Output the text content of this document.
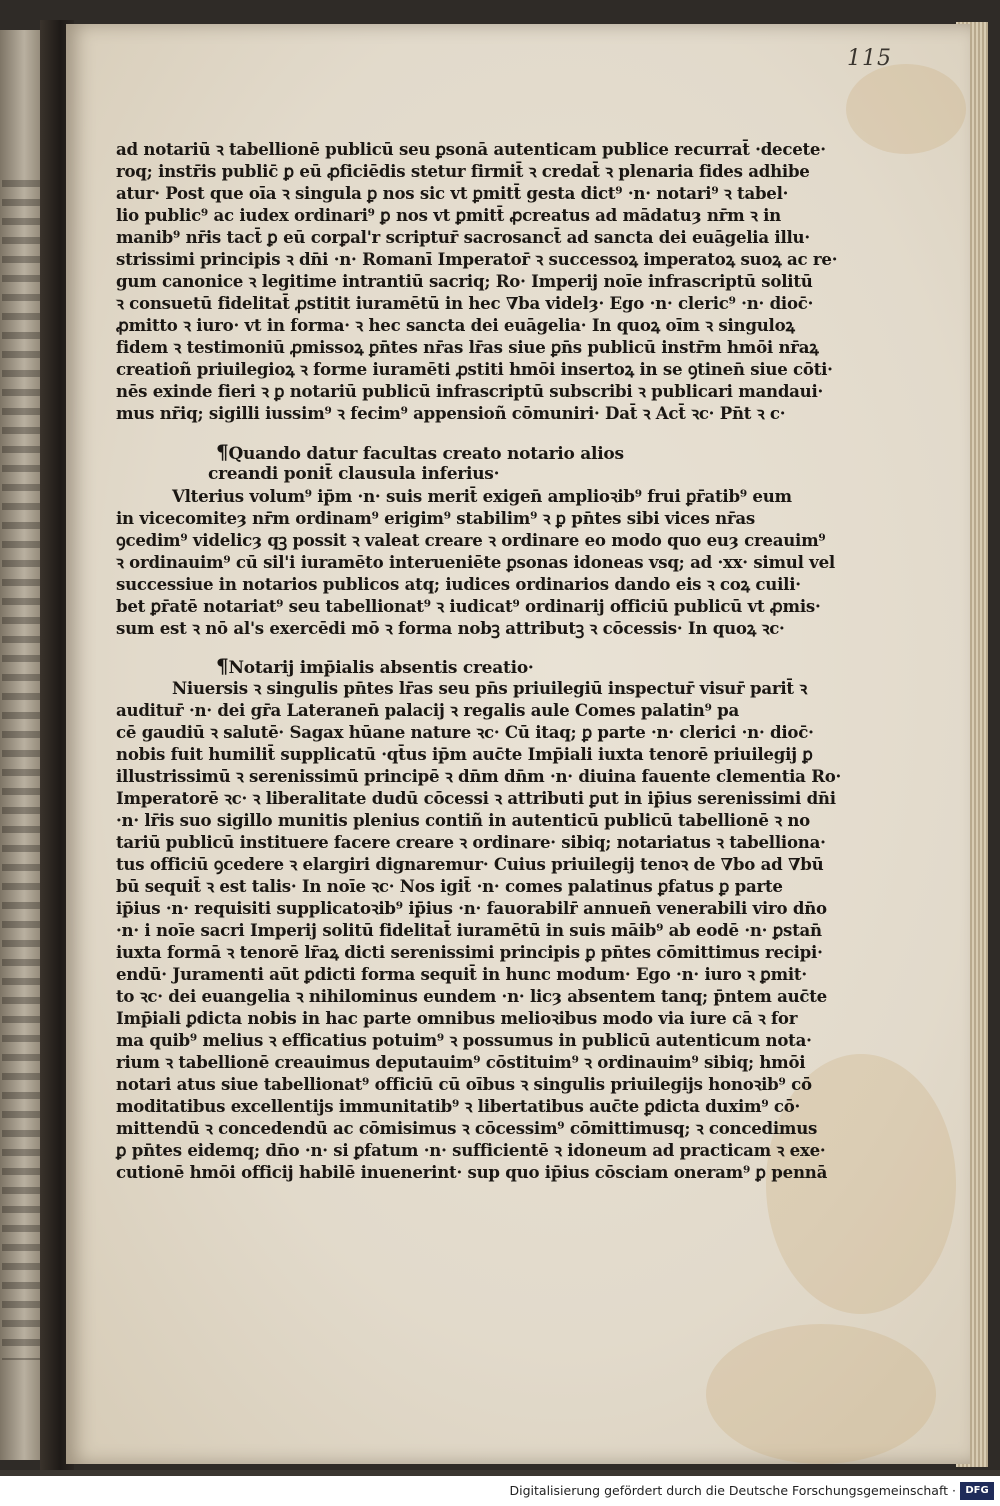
115
ad notariū ꝛ tabellionē publicū seu ꝑsonā autenticam publice recurrat̄ ·decete·
roq; instr̄is public̄ ꝑ eū ꝓficiēdis stetur firmit̄ ꝛ credat̄ ꝛ plenaria fides adhibe
atur· Post que oīa ꝛ singula ꝑ nos sic vt ꝑmitt̄ gesta dict⁹ ·n· notari⁹ ꝛ tabel·
lio public⁹ ac iudex ordinari⁹ ꝑ nos vt ꝑmitt̄ ꝓcreatus ad mādatuȝ nr̄m ꝛ in
manib⁹ nr̄is tact̄ ꝑ eū corꝑal'r scriptur̄ sacrosanct̄ ad sancta dei euāgelia illu·
strissimi principis ꝛ dn̄i ·n· Romanī Imperator̄ ꝛ successoꝝ imperatoꝝ suoꝝ ac re·
gum canonice ꝛ legitime intrantiū sacriq; Ro· Imperij noīe infrascriptū solitū
ꝛ consuetū fidelitat̄ ꝓstitit iuramētū in hec ∇ba videlȝ· Ego ·n· cleric⁹ ·n· dioc̄·
ꝓmitto ꝛ iuro· vt in forma· ꝛ hec sancta dei euāgelia· In quoꝝ oīm ꝛ singuloꝝ
fidem ꝛ testimoniū ꝓmissoꝝ ꝑn̄tes nr̄as lr̄as siue ꝑn̄s publicū instr̄m hmōi nr̄aꝝ
creatioñ priuilegioꝝ ꝛ forme iuramēti ꝓstiti hmōi insertoꝝ in se ꝯtinen̄ siue cōti·
nēs exinde fieri ꝛ ꝑ notariū publicū infrascriptū subscribi ꝛ publicari mandaui·
mus nr̄iq; sigilli iussim⁹ ꝛ fecim⁹ appensioñ cōmuniri· Dat̄ ꝛ Act̄ ꝛc· Pn̄t ꝛ c·
¶Quando datur facultas creato notario alios
creandi ponit̄ clausula inferius·
Vlterius volum⁹ ip̄m ·n· suis merit̄ exigen̄ amplioꝛib⁹ frui ꝑr̄atib⁹ eum
in vicecomiteȝ nr̄m ordinam⁹ erigim⁹ stabilim⁹ ꝛ ꝑ pn̄tes sibi vices nr̄as
ꝯcedim⁹ videlicȝ qꝫ possit ꝛ valeat creare ꝛ ordinare eo modo quo euȝ creauim⁹
ꝛ ordinauim⁹ cū sil'i iuramēto interueniēte ꝑsonas idoneas vsq; ad ·xx· simul vel
successiue in notarios publicos atq; iudices ordinarios dando eis ꝛ coꝝ cuili·
bet ꝑr̄atē notariat⁹ seu tabellionat⁹ ꝛ iudicat⁹ ordinarij officiū publicū vt ꝓmis·
sum est ꝛ nō al's exercēdi mō ꝛ forma nobꝫ attributꝫ ꝛ cōcessis· In quoꝝ ꝛc·
¶Notarij imp̄ialis absentis creatio·
Niuersis ꝛ singulis pn̄tes lr̄as seu pn̄s priuilegiū inspectur̄ visur̄ parit̄ ꝛ
auditur̄ ·n· dei gr̄a Lateranen̄ palacij ꝛ regalis aule Comes palatin⁹ pa
cē gaudiū ꝛ salutē· Sagax hūane nature ꝛc· Cū itaq; ꝑ parte ·n· clerici ·n· dioc̄·
nobis fuit humilit̄ supplicatū ·qt̄us ip̄m auc̄te Imp̄iali iuxta tenorē priuilegij ꝑ
illustrissimū ꝛ serenissimū principē ꝛ dn̄m dn̄m ·n· diuina fauente clementia Ro·
Imperatorē ꝛc· ꝛ liberalitate dudū cōcessi ꝛ attributi ꝑut in ip̄ius serenissimi dn̄i
·n· lr̄is suo sigillo munitis plenius contiñ in autenticū publicū tabellionē ꝛ no
tariū publicū instituere facere creare ꝛ ordinare· sibiq; notariatus ꝛ tabelliona·
tus officiū ꝯcedere ꝛ elargiri dignaremur· Cuius priuilegij tenoꝛ de ∇bo ad ∇bū
bū sequit̄ ꝛ est talis· In noīe ꝛc· Nos igit̄ ·n· comes palatinus ꝑfatus ꝑ parte
ip̄ius ·n· requisiti supplicatoꝛib⁹ ip̄ius ·n· fauorabilr̄ annuen̄ venerabili viro dn̄o
·n· i noīe sacri Imperij solitū fidelitat̄ iuramētū in suis māib⁹ ab eodē ·n· ꝑstan̄
iuxta formā ꝛ tenorē lr̄aꝝ dicti serenissimi principis ꝑ pn̄tes cōmittimus recipi·
endū· Juramenti aūt ꝑdicti forma sequit̄ in hunc modum· Ego ·n· iuro ꝛ ꝑmit·
to ꝛc· dei euangelia ꝛ nihilominus eundem ·n· licȝ absentem tanq; p̄ntem auc̄te
Imp̄iali ꝑdicta nobis in hac parte omnibus melioꝛibus modo via iure cā ꝛ for
ma quib⁹ melius ꝛ efficatius potuim⁹ ꝛ possumus in publicū autenticum nota·
rium ꝛ tabellionē creauimus deputauim⁹ cōstituim⁹ ꝛ ordinauim⁹ sibiq; hmōi
notari atus siue tabellionat⁹ officiū cū oībus ꝛ singulis priuilegijs honoꝛib⁹ cō
moditatibus excellentijs immunitatib⁹ ꝛ libertatibus auc̄te ꝑdicta duxim⁹ cō·
mittendū ꝛ concedendū ac cōmisimus ꝛ cōcessim⁹ cōmittimusq; ꝛ concedimus
ꝑ pn̄tes eidemq; dn̄o ·n· si ꝑfatum ·n· sufficientē ꝛ idoneum ad practicam ꝛ exe·
cutionē hmōi officij habilē inuenerint· sup quo ip̄ius cōsciam oneram⁹ ꝑ pennā
Digitalisierung gefördert durch die Deutsche Forschungsgemeinschaft · DFG
